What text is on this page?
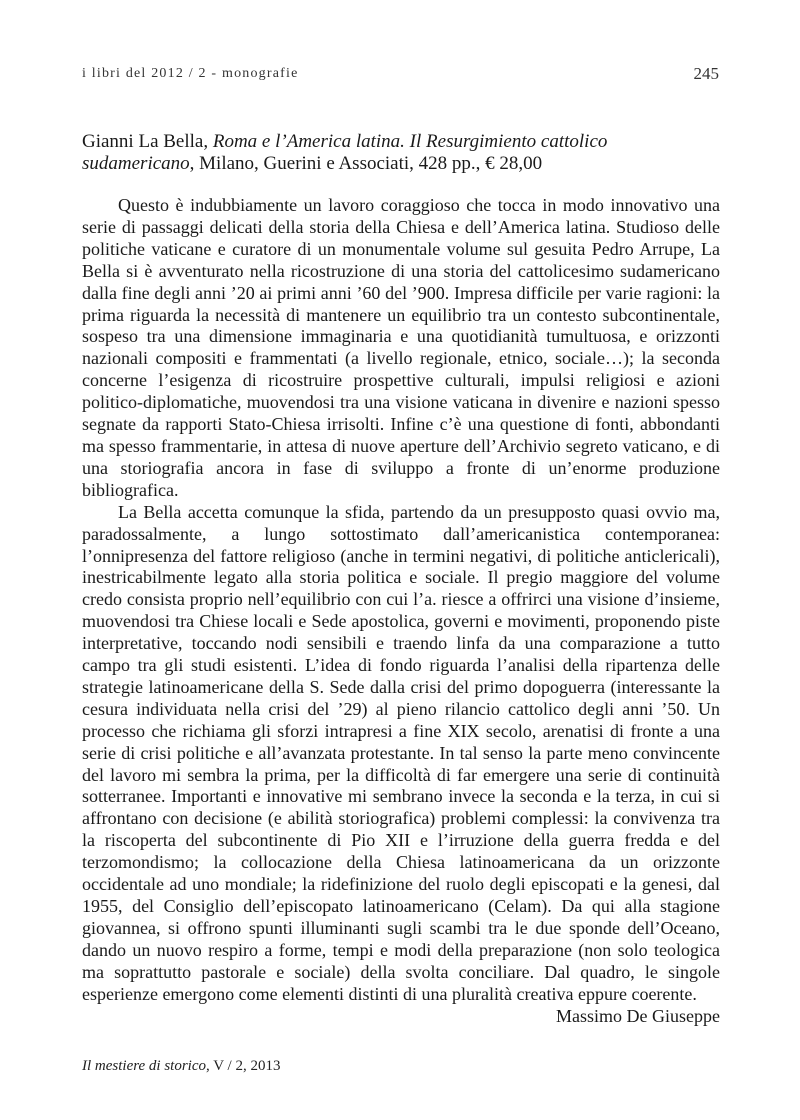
i libri del 2012 / 2 - monografie	245

Gianni La Bella, Roma e l’America latina. Il Resurgimiento cattolico sudamericano, Milano, Guerini e Associati, 428 pp., € 28,00

Questo è indubbiamente un lavoro coraggioso che tocca in modo innovativo una serie di passaggi delicati della storia della Chiesa e dell’America latina. Studioso delle politiche vaticane e curatore di un monumentale volume sul gesuita Pedro Arrupe, La Bella si è avventurato nella ricostruzione di una storia del cattolicesimo sudamericano dalla fine degli anni ’20 ai primi anni ’60 del ’900. Impresa difficile per varie ragioni: la prima riguarda la necessità di mantenere un equilibrio tra un contesto subcontinentale, sospeso tra una dimensione immaginaria e una quotidianità tumultuosa, e orizzonti nazionali compositi e frammentati (a livello regionale, etnico, sociale…); la seconda concerne l’esigenza di ricostruire prospettive culturali, impulsi religiosi e azioni politico-diplomatiche, muovendosi tra una visione vaticana in divenire e nazioni spesso segnate da rapporti Stato-Chiesa irrisolti. Infine c’è una questione di fonti, abbondanti ma spesso frammentarie, in attesa di nuove aperture dell’Archivio segreto vaticano, e di una storiografia ancora in fase di sviluppo a fronte di un’enorme produzione bibliografica.

La Bella accetta comunque la sfida, partendo da un presupposto quasi ovvio ma, paradossalmente, a lungo sottostimato dall’americanistica contemporanea: l’onnipresenza del fattore religioso (anche in termini negativi, di politiche anticlericali), inestricabilmente legato alla storia politica e sociale. Il pregio maggiore del volume credo consista proprio nell’equilibrio con cui l’a. riesce a offrirci una visione d’insieme, muovendosi tra Chiese locali e Sede apostolica, governi e movimenti, proponendo piste interpretative, toccando nodi sensibili e traendo linfa da una comparazione a tutto campo tra gli studi esistenti. L’idea di fondo riguarda l’analisi della ripartenza delle strategie latinoamericane della S. Sede dalla crisi del primo dopoguerra (interessante la cesura individuata nella crisi del ’29) al pieno rilancio cattolico degli anni ’50. Un processo che richiama gli sforzi intrapresi a fine XIX secolo, arenatisi di fronte a una serie di crisi politiche e all’avanzata protestante. In tal senso la parte meno convincente del lavoro mi sembra la prima, per la difficoltà di far emergere una serie di continuità sotterranee. Importanti e innovative mi sembrano invece la seconda e la terza, in cui si affrontano con decisione (e abilità storiografica) problemi complessi: la convivenza tra la riscoperta del subcontinente di Pio XII e l’irruzione della guerra fredda e del terzomondismo; la collocazione della Chiesa latinoamericana da un orizzonte occidentale ad uno mondiale; la ridefinizione del ruolo degli episcopati e la genesi, dal 1955, del Consiglio dell’episcopato latinoamericano (Celam). Da qui alla stagione giovannea, si offrono spunti illuminanti sugli scambi tra le due sponde dell’Oceano, dando un nuovo respiro a forme, tempi e modi della preparazione (non solo teologica ma soprattutto pastorale e sociale) della svolta conciliare. Dal quadro, le singole esperienze emergono come elementi distinti di una pluralità creativa eppure coerente.

Massimo De Giuseppe

Il mestiere di storico, V / 2, 2013
